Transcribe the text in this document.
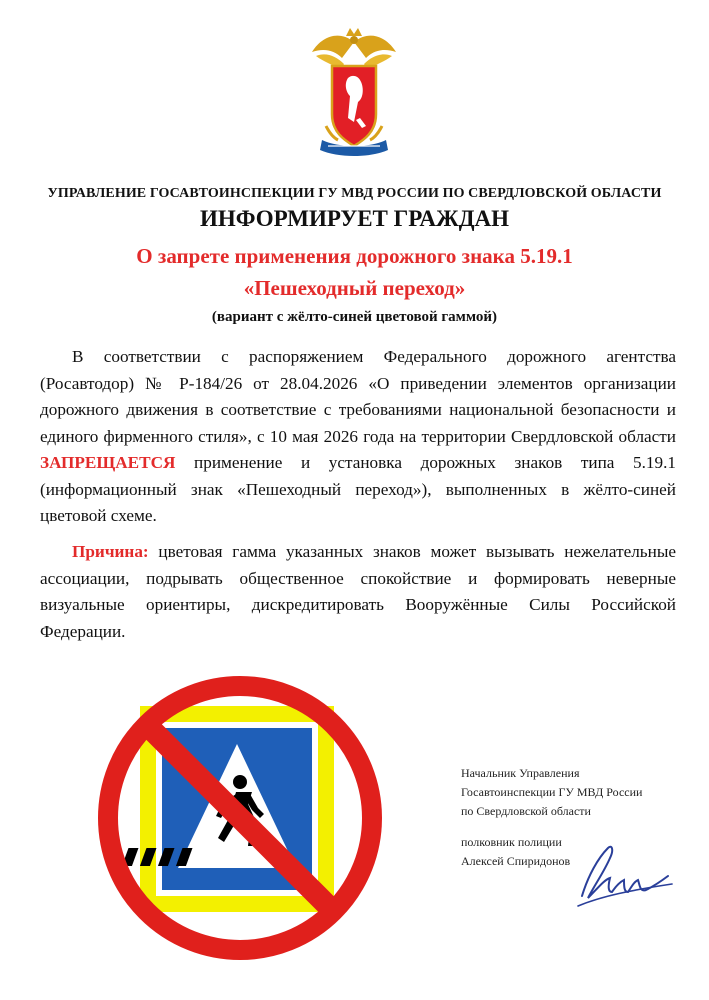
УПРАВЛЕНИЕ ГОСАВТОИНСПЕКЦИИ ГУ МВД РОССИИ ПО СВЕРДЛОВСКОЙ ОБЛАСТИ
ИНФОРМИРУЕТ ГРАЖДАН
О запрете применения дорожного знака 5.19.1
«Пешеходный переход»
(вариант с жёлто-синей цветовой гаммой)

В соответствии с распоряжением Федерального дорожного агентства (Росавтодор) № Р-184/26 от 28.04.2026 «О приведении элементов организации дорожного движения в соответствие с требованиями национальной безопасности и единого фирменного стиля», с 10 мая 2026 года на территории Свердловской области ЗАПРЕЩАЕТСЯ применение и установка дорожных знаков типа 5.19.1 (информационный знак «Пешеходный переход»), выполненных в жёлто-синей цветовой схеме.

Причина: цветовая гамма указанных знаков может вызывать нежелательные ассоциации, подрывать общественное спокойствие и формировать неверные визуальные ориентиры, дискредитировать Вооружённые Силы Российской Федерации.

Начальник Управления
Госавтоинспекции ГУ МВД России
по Свердловской области
полковник полиции
Алексей Спиридонов
